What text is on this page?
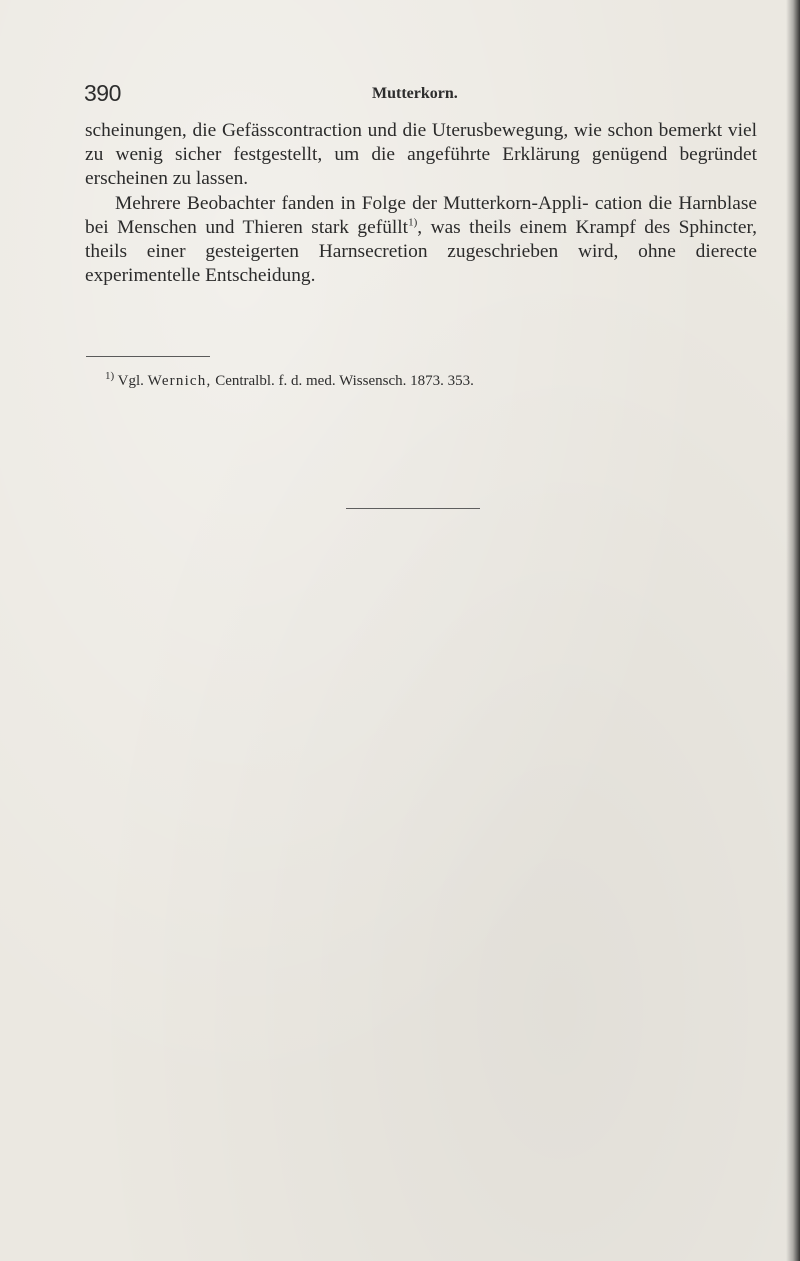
390	Mutterkorn.

scheinungen, die Gefässcontraction und die Uterusbewegung, wie schon bemerkt viel zu wenig sicher festgestellt, um die angeführte Erklärung genügend begründet erscheinen zu lassen.

Mehrere Beobachter fanden in Folge der Mutterkorn-Appli- cation die Harnblase bei Menschen und Thieren stark gefüllt$^{1)}$, was theils einem Krampf des Sphincter, theils einer gesteigerten Harnsecretion zugeschrieben wird, ohne dierecte experimentelle Entscheidung.

$^{1)}$ Vgl. Wernich, Centralbl. f. d. med. Wissensch. 1873. 353.
